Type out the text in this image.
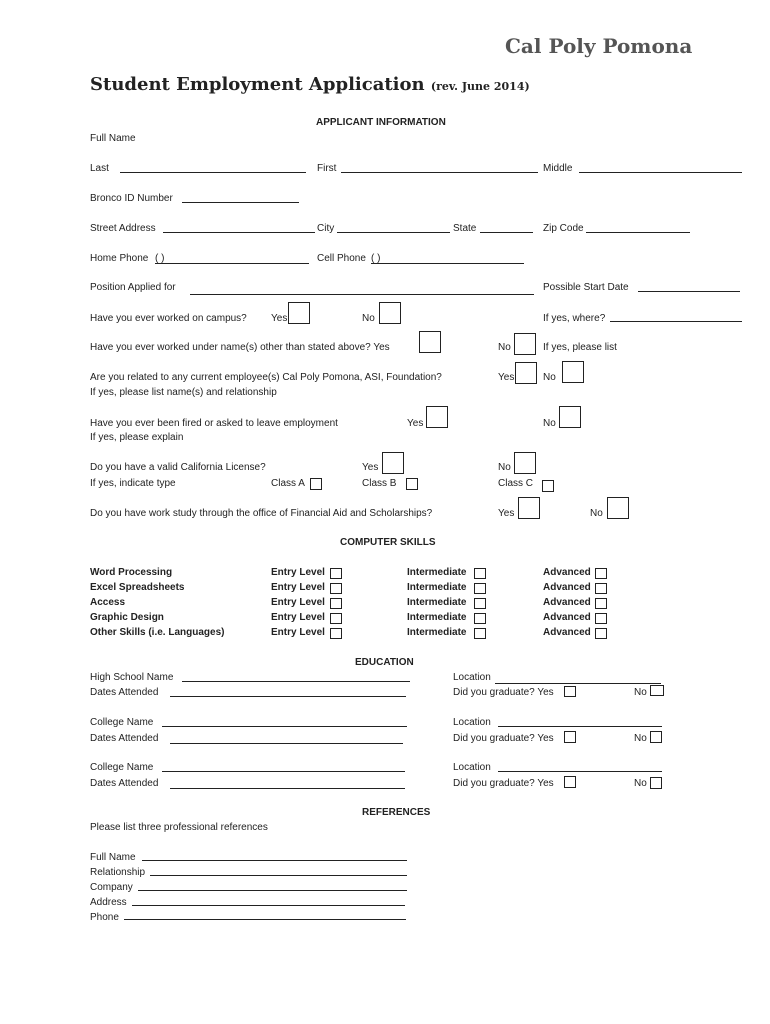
Cal Poly Pomona
Student Employment Application (rev. June 2014)
APPLICANT INFORMATION
Full Name
Last	First	Middle
Bronco ID Number
Street Address	City	State	Zip Code
Home Phone ( )	Cell Phone ( )
Position Applied for	Possible Start Date
Have you ever worked on campus? Yes	No	If yes, where?
Have you ever worked under name(s) other than stated above? Yes	No	If yes, please list
Are you related to any current employee(s) Cal Poly Pomona, ASI, Foundation?
If yes, please list name(s) and relationship
Yes	No
Have you ever been fired or asked to leave employment
If yes, please explain
Yes	No
Do you have a valid California License?
If yes, indicate type
Yes	No
Class A	Class B	Class C
Do you have work study through the office of Financial Aid and Scholarships?	Yes	No
COMPUTER SKILLS
Word Processing	Entry Level	Intermediate	Advanced
Excel Spreadsheets	Entry Level	Intermediate	Advanced
Access	Entry Level	Intermediate	Advanced
Graphic Design	Entry Level	Intermediate	Advanced
Other Skills (i.e. Languages)	Entry Level	Intermediate	Advanced
EDUCATION
High School Name
Dates Attended
Location
Did you graduate? Yes	No
College Name
Dates Attended
Location
Did you graduate? Yes	No
College Name
Dates Attended
Location
Did you graduate? Yes	No
REFERENCES
Please list three professional references
Full Name
Relationship
Company
Address
Phone
